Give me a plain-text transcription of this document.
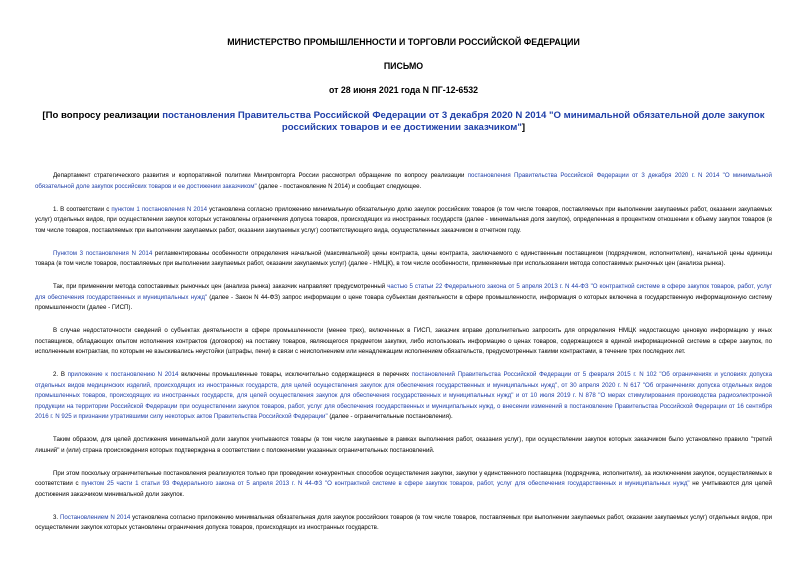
МИНИСТЕРСТВО ПРОМЫШЛЕННОСТИ И ТОРГОВЛИ РОССИЙСКОЙ ФЕДЕРАЦИИ
ПИСЬМО
от 28 июня 2021 года N ПГ-12-6532
[По вопросу реализации постановления Правительства Российской Федерации от 3 декабря 2020 N 2014 "О минимальной обязательной доле закупок российских товаров и ее достижении заказчиком"]

Департамент стратегического развития и корпоративной политики Минпромторга России рассмотрел обращение по вопросу реализации постановления Правительства Российской Федерации от 3 декабря 2020 г. N 2014 "О минимальной обязательной доле закупок российских товаров и ее достижении заказчиком" (далее - постановление N 2014) и сообщает следующее.

1. В соответствии с пунктом 1 постановления N 2014 установлена согласно приложению минимальную обязательную долю закупок российских товаров (в том числе товаров, поставляемых при выполнении закупаемых работ, оказании закупаемых услуг) отдельных видов, при осуществлении закупок которых установлены ограничения допуска товаров, происходящих из иностранных государств (далее - минимальная доля закупок), определенная в процентном отношении к объему закупок товаров (в том числе товаров, поставляемых при выполнении закупаемых работ, оказании закупаемых услуг) соответствующего вида, осуществленных заказчиком в отчетном году.

Пунктом 3 постановления N 2014 регламентированы особенности определения начальной (максимальной) цены контракта, цены контракта, заключаемого с единственным поставщиком (подрядчиком, исполнителем), начальной цены единицы товара (в том числе товаров, поставляемых при выполнении закупаемых работ, оказании закупаемых услуг) (далее - НМЦК), в том числе особенности, применяемые при использовании метода сопоставимых рыночных цен (анализа рынка).

Так, при применении метода сопоставимых рыночных цен (анализа рынка) заказчик направляет предусмотренный частью 5 статьи 22 Федерального закона от 5 апреля 2013 г. N 44-ФЗ "О контрактной системе в сфере закупок товаров, работ, услуг для обеспечения государственных и муниципальных нужд" (далее - Закон N 44-ФЗ) запрос информации о цене товара субъектам деятельности в сфере промышленности, информация о которых включена в государственную информационную систему промышленности (далее - ГИСП).

В случае недостаточности сведений о субъектах деятельности в сфере промышленности (менее трех), включенных в ГИСП, заказчик вправе дополнительно запросить для определения НМЦК недостающую ценовую информацию у иных поставщиков, обладающих опытом исполнения контрактов (договоров) на поставку товаров, являющегося предметом закупки, либо использовать информацию о ценах товаров, содержащихся в единой информационной системе в сфере закупок, по исполненным контрактам, по которым не взыскивались неустойки (штрафы, пени) в связи с неисполнением или ненадлежащим исполнением обязательств, предусмотренных такими контрактами, в течение трех последних лет.

2. В приложение к постановлению N 2014 включены промышленные товары, исключительно содержащиеся в перечнях постановлений Правительства Российской Федерации от 5 февраля 2015 г. N 102 "Об ограничениях и условиях допуска отдельных видов медицинских изделий, происходящих из иностранных государств, для целей осуществления закупок для обеспечения государственных и муниципальных нужд", от 30 апреля 2020 г. N 617 "Об ограничениях допуска отдельных видов промышленных товаров, происходящих из иностранных государств, для целей осуществления закупок для обеспечения государственных и муниципальных нужд" и от 10 июля 2019 г. N 878 "О мерах стимулирования производства радиоэлектронной продукции на территории Российской Федерации при осуществлении закупок товаров, работ, услуг для обеспечения государственных и муниципальных нужд, о внесении изменений в постановление Правительства Российской Федерации от 16 сентября 2016 г. N 925 и признании утратившими силу некоторых актов Правительства Российской Федерации" (далее - ограничительные постановления).

Таким образом, для целей достижения минимальной доли закупок учитываются товары (в том числе закупаемые в рамках выполнения работ, оказания услуг), при осуществлении закупок которых заказчиком было установлено правило "третий лишний" и (или) страна происхождения которых подтверждена в соответствии с положениями указанных ограничительных постановлений.

При этом поскольку ограничительные постановления реализуются только при проведении конкурентных способов осуществления закупки, закупки у единственного поставщика (подрядчика, исполнителя), за исключением закупок, осуществляемых в соответствии с пунктом 25 части 1 статьи 93 Федерального закона от 5 апреля 2013 г. N 44-ФЗ "О контрактной системе в сфере закупок товаров, работ, услуг для обеспечения государственных и муниципальных нужд" не учитываются для целей достижения заказчиком минимальной доли закупок.

3. Постановлением N 2014 установлена согласно приложению минимальная обязательная доля закупок российских товаров (в том числе товаров, поставляемых при выполнении закупаемых работ, оказании закупаемых услуг) отдельных видов, при осуществлении закупок которых установлены ограничения допуска товаров, происходящих из иностранных государств.
